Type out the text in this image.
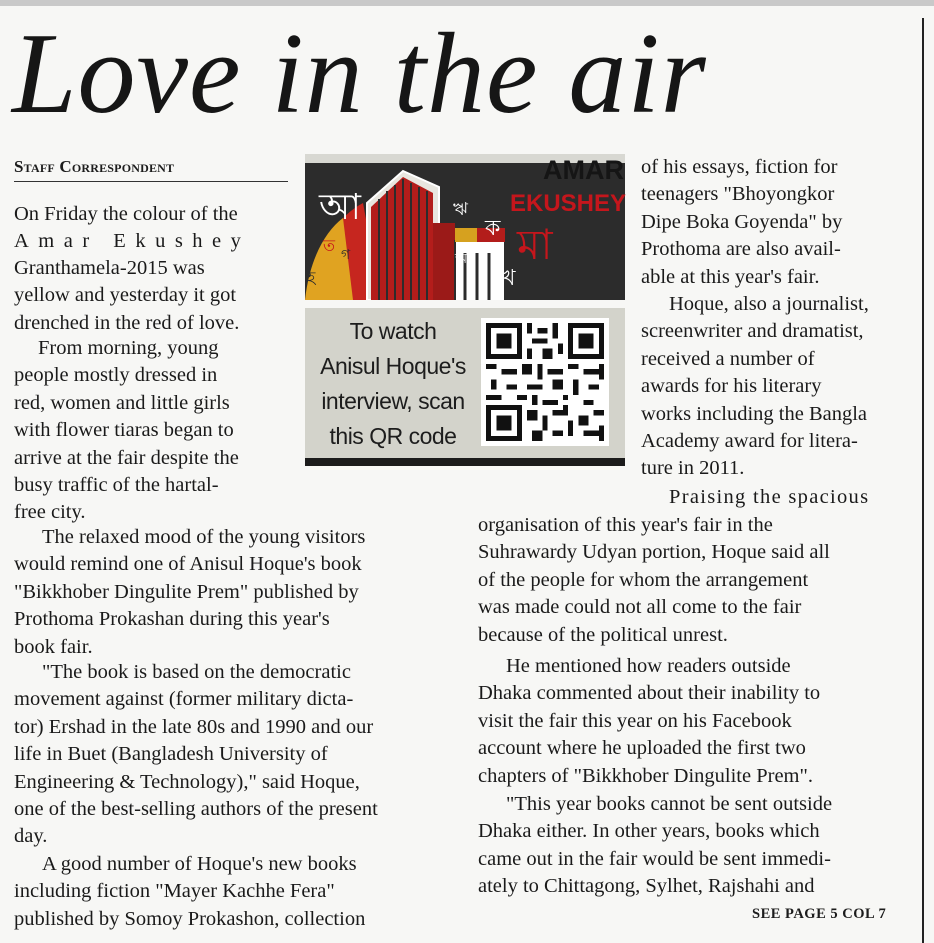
Love in the air
Staff Correspondent

On Friday the colour of the

Amar Ekushey

Granthamela-2015 was
yellow and yesterday it got
drenched in the red of love.

From morning, young
people mostly dressed in
red, women and little girls
with flower tiaras began to
arrive at the fair despite the
busy traffic of the hartal-
free city.

The relaxed mood of the young visitors
would remind one of Anisul Hoque's book
"Bikkhober Dingulite Prem" published by
Prothoma Prokashan during this year's
book fair.

"The book is based on the democratic
movement against (former military dicta-
tor) Ershad in the late 80s and 1990 and our
life in Buet (Bangladesh University of
Engineering & Technology)," said Hoque,
one of the best-selling authors of the present
day.

A good number of Hoque's new books
including fiction "Mayer Kachhe Fera"
published by Somoy Prokashon, collection

আ	ঋ
ক মা
খ
অ
ত
হ
গ
AMAR
EKUSHEY
To watch
Anisul Hoque's
interview, scan
this QR code

of his essays, fiction for
teenagers "Bhoyongkor
Dipe Boka Goyenda" by
Prothoma are also avail-
able at this year's fair.

Hoque, also a journalist,
screenwriter and dramatist,
received a number of
awards for his literary
works including the Bangla
Academy award for litera-
ture in 2011.

Praising the spacious

organisation of this year's fair in the
Suhrawardy Udyan portion, Hoque said all
of the people for whom the arrangement
was made could not all come to the fair
because of the political unrest.

He mentioned how readers outside
Dhaka commented about their inability to
visit the fair this year on his Facebook
account where he uploaded the first two
chapters of "Bikkhober Dingulite Prem".

"This year books cannot be sent outside
Dhaka either. In other years, books which
came out in the fair would be sent immedi-
ately to Chittagong, Sylhet, Rajshahi and

SEE PAGE 5 COL 7
